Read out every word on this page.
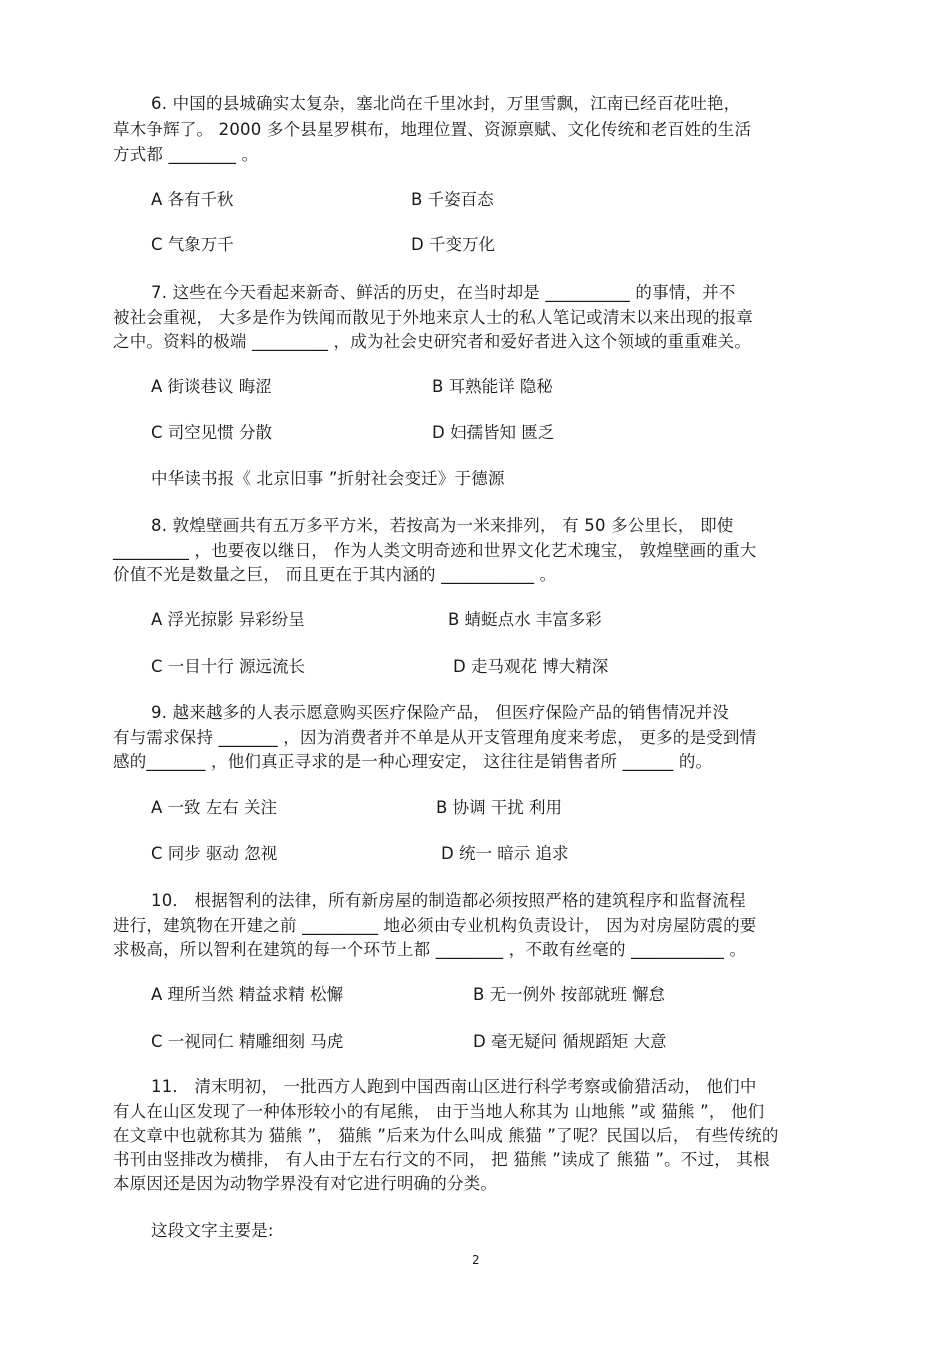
6. 中国的县城确实太复杂，塞北尚在千里冰封，万里雪飘，江南已经百花吐艳，
草木争辉了。 2000 多个县星罗棋布，地理位置、资源禀赋、文化传统和老百姓的生活
方式都 ________ 。
A 各有千秋	B 千姿百态
C 气象万千	D 千变万化
7. 这些在今天看起来新奇、鲜活的历史，在当时却是 __________ 的事情，并不
被社会重视， 大多是作为铁闻而散见于外地来京人士的私人笔记或清末以来出现的报章
之中。资料的极端 _________ ，成为社会史研究者和爱好者进入这个领域的重重难关。
A 街谈巷议 晦涩	B 耳熟能详 隐秘
C 司空见惯 分散	D 妇孺皆知 匮乏
中华读书报《 北京旧事 ”折射社会变迁》于德源
8. 敦煌壁画共有五万多平方米，若按高为一米来排列， 有 50 多公里长， 即使
_________ ，也要夜以继日， 作为人类文明奇迹和世界文化艺术瑰宝， 敦煌壁画的重大
价值不光是数量之巨， 而且更在于其内涵的 ___________ 。
A 浮光掠影 异彩纷呈	B 蜻蜓点水 丰富多彩
C 一目十行 源远流长	D 走马观花 博大精深
9. 越来越多的人表示愿意购买医疗保险产品， 但医疗保险产品的销售情况并没
有与需求保持 _______ ，因为消费者并不单是从开支管理角度来考虑， 更多的是受到情
感的_______ ，他们真正寻求的是一种心理安定， 这往往是销售者所 ______ 的。
A 一致 左右 关注	B 协调 干扰 利用
C 同步 驱动 忽视	D 统一 暗示 追求
10． 根据智利的法律，所有新房屋的制造都必须按照严格的建筑程序和监督流程
进行，建筑物在开建之前 _________ 地必须由专业机构负责设计， 因为对房屋防震的要
求极高，所以智利在建筑的每一个环节上都 ________ ，不敢有丝毫的 ___________ 。
A 理所当然 精益求精 松懈	B 无一例外 按部就班 懈怠
C 一视同仁 精雕细刻 马虎	D 毫无疑问 循规蹈矩 大意
11． 清末明初， 一批西方人跑到中国西南山区进行科学考察或偷猎活动， 他们中
有人在山区发现了一种体形较小的有尾熊， 由于当地人称其为 山地熊 ”或 猫熊 ”， 他们
在文章中也就称其为 猫熊 ”， 猫熊 ”后来为什么叫成 熊猫 ”了呢？民国以后， 有些传统的
书刊由竖排改为横排， 有人由于左右行文的不同， 把 猫熊 ”读成了 熊猫 ”。不过， 其根
本原因还是因为动物学界没有对它进行明确的分类。
这段文字主要是:
2
